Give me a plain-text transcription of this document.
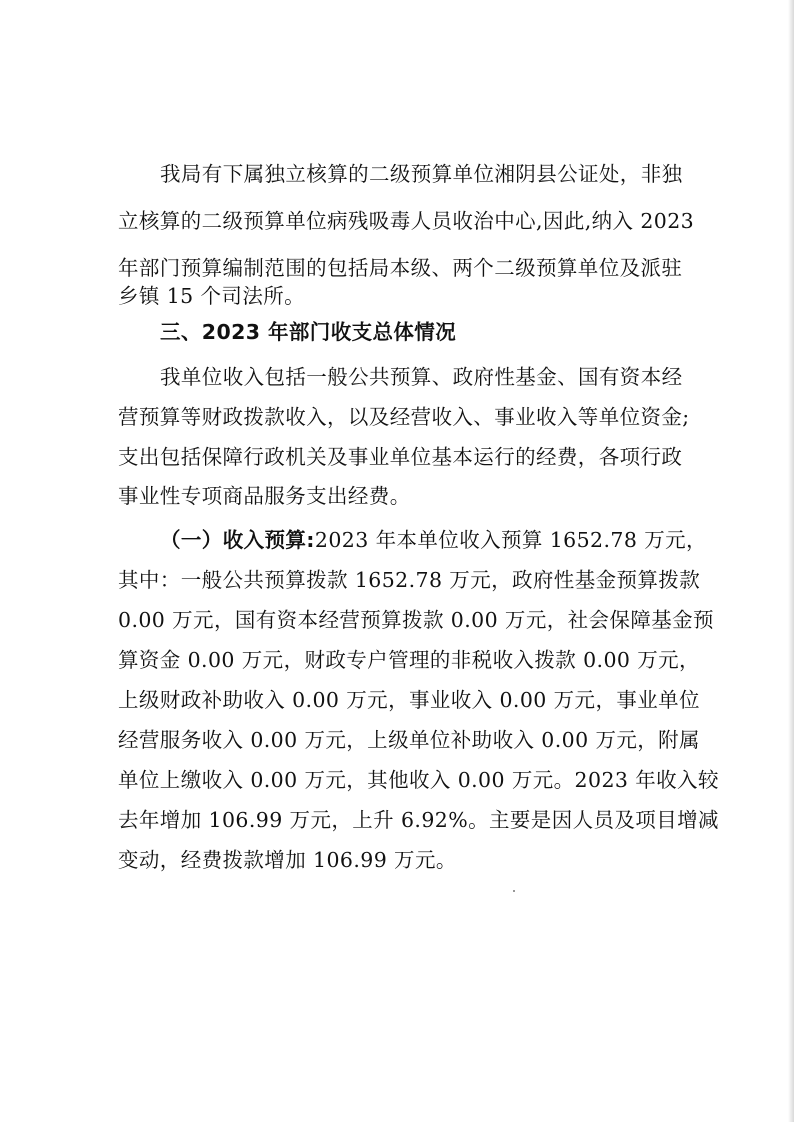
我局有下属独立核算的二级预算单位湘阴县公证处，非独
立核算的二级预算单位病残吸毒人员收治中心,因此,纳入 2023
年部门预算编制范围的包括局本级、两个二级预算单位及派驻
乡镇 15 个司法所。
三、2023 年部门收支总体情况
我单位收入包括一般公共预算、政府性基金、国有资本经
营预算等财政拨款收入，以及经营收入、事业收入等单位资金;
支出包括保障行政机关及事业单位基本运行的经费，各项行政
事业性专项商品服务支出经费。
（一）收入预算:2023 年本单位收入预算 1652.78 万元，
其中：一般公共预算拨款 1652.78 万元，政府性基金预算拨款
0.00 万元，国有资本经营预算拨款 0.00 万元，社会保障基金预
算资金 0.00 万元，财政专户管理的非税收入拨款 0.00 万元，
上级财政补助收入 0.00 万元，事业收入 0.00 万元，事业单位
经营服务收入 0.00 万元，上级单位补助收入 0.00 万元，附属
单位上缴收入 0.00 万元，其他收入 0.00 万元。2023 年收入较
去年增加 106.99 万元，上升 6.92%。主要是因人员及项目增减
变动，经费拨款增加 106.99 万元。
